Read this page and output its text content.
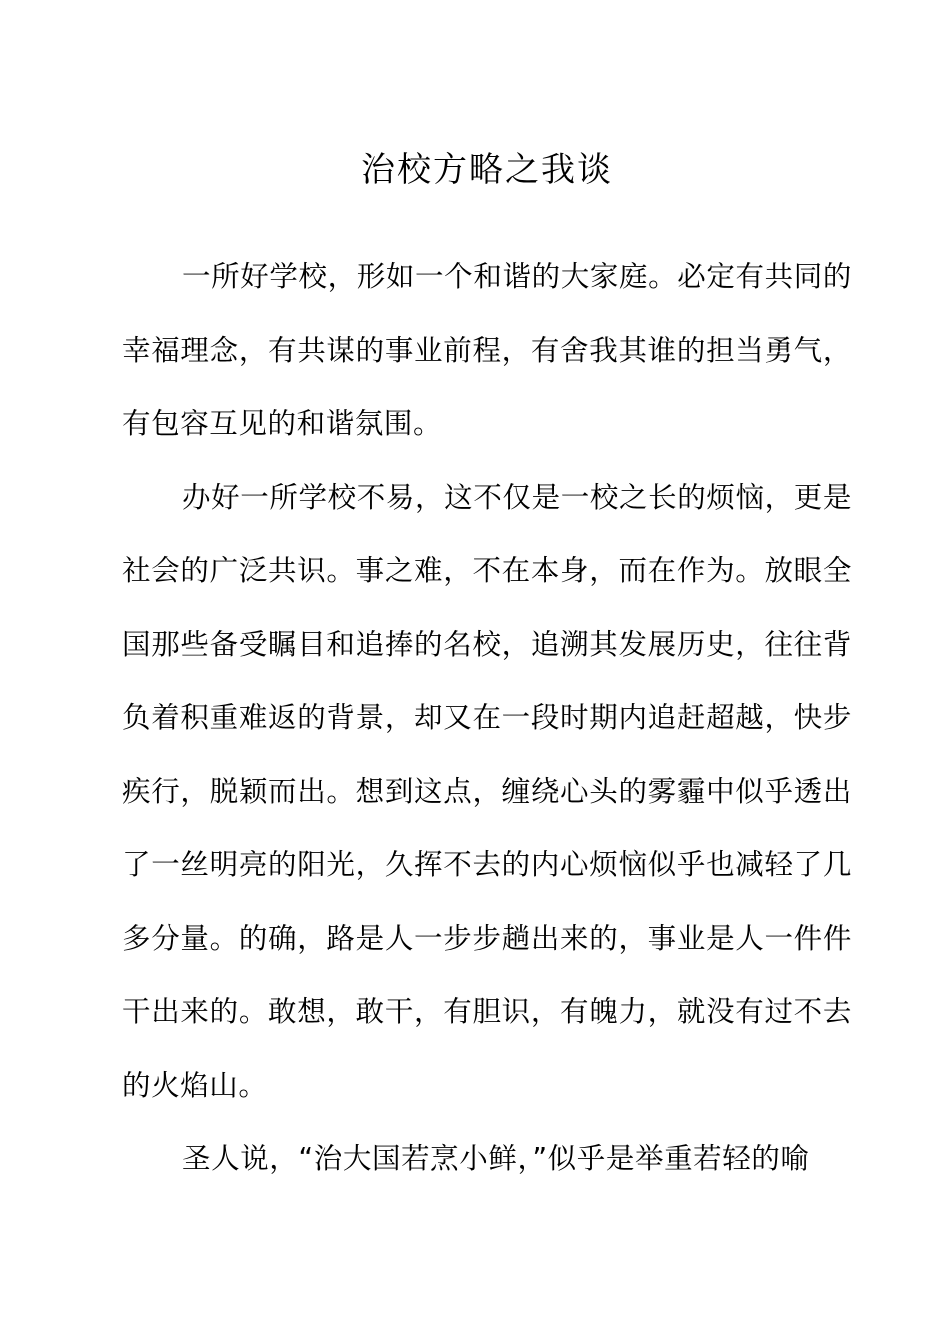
治校方略之我谈

一所好学校，形如一个和谐的大家庭。必定有共同的幸福理念，有共谋的事业前程，有舍我其谁的担当勇气，有包容互见的和谐氛围。

办好一所学校不易，这不仅是一校之长的烦恼，更是社会的广泛共识。事之难，不在本身，而在作为。放眼全国那些备受瞩目和追捧的名校，追溯其发展历史，往往背负着积重难返的背景，却又在一段时期内追赶超越，快步疾行，脱颖而出。想到这点，缠绕心头的雾霾中似乎透出了一丝明亮的阳光，久挥不去的内心烦恼似乎也减轻了几多分量。的确，路是人一步步趟出来的，事业是人一件件干出来的。敢想，敢干，有胆识，有魄力，就没有过不去的火焰山。

圣人说，“治大国若烹小鲜，”似乎是举重若轻的喻
